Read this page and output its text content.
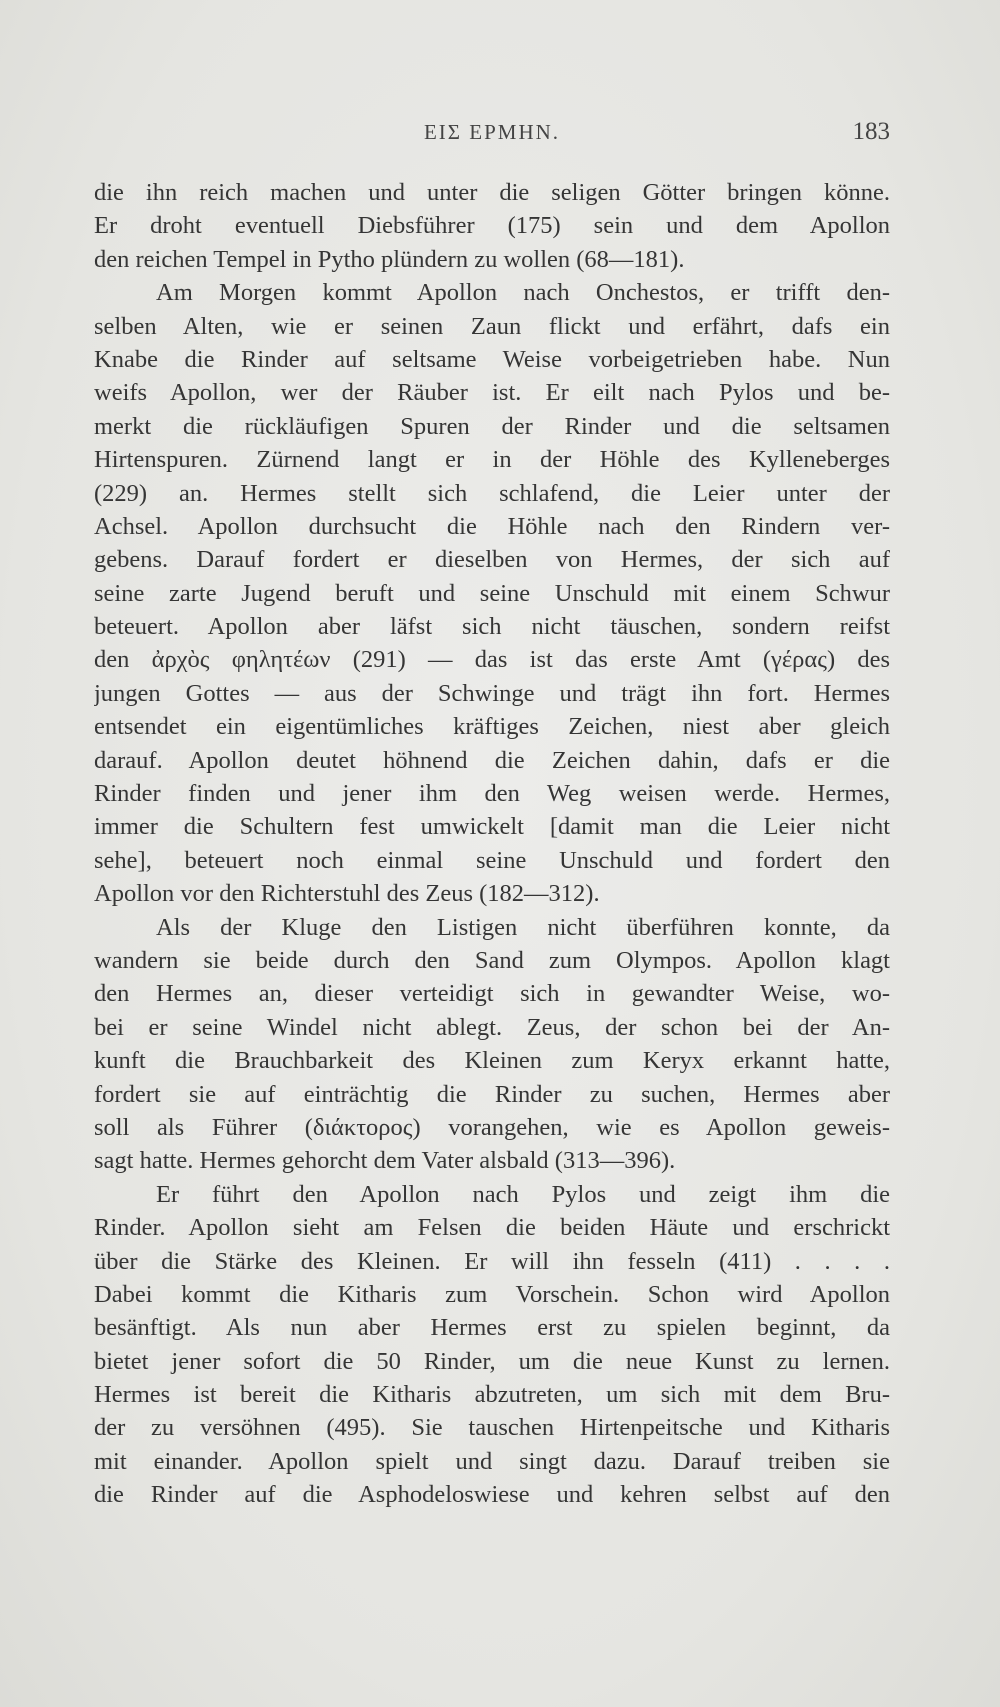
ΕΙΣ ΕΡΜΗΝ.	183
die ihn reich machen und unter die seligen Götter bringen könne.
Er droht eventuell Diebsführer (175) sein und dem Apollon
den reichen Tempel in Pytho plündern zu wollen (68—181).
Am Morgen kommt Apollon nach Onchestos, er trifft den-
selben Alten, wie er seinen Zaun flickt und erfährt, dafs ein
Knabe die Rinder auf seltsame Weise vorbeigetrieben habe. Nun
weifs Apollon, wer der Räuber ist. Er eilt nach Pylos und be-
merkt die rückläufigen Spuren der Rinder und die seltsamen
Hirtenspuren. Zürnend langt er in der Höhle des Kylleneberges
(229) an. Hermes stellt sich schlafend, die Leier unter der
Achsel. Apollon durchsucht die Höhle nach den Rindern ver-
gebens. Darauf fordert er dieselben von Hermes, der sich auf
seine zarte Jugend beruft und seine Unschuld mit einem Schwur
beteuert. Apollon aber läfst sich nicht täuschen, sondern reifst
den ἀρχὸς φηλητέων (291) — das ist das erste Amt (γέρας) des
jungen Gottes — aus der Schwinge und trägt ihn fort. Hermes
entsendet ein eigentümliches kräftiges Zeichen, niest aber gleich
darauf. Apollon deutet höhnend die Zeichen dahin, dafs er die
Rinder finden und jener ihm den Weg weisen werde. Hermes,
immer die Schultern fest umwickelt [damit man die Leier nicht
sehe], beteuert noch einmal seine Unschuld und fordert den
Apollon vor den Richterstuhl des Zeus (182—312).
Als der Kluge den Listigen nicht überführen konnte, da
wandern sie beide durch den Sand zum Olympos. Apollon klagt
den Hermes an, dieser verteidigt sich in gewandter Weise, wo-
bei er seine Windel nicht ablegt. Zeus, der schon bei der An-
kunft die Brauchbarkeit des Kleinen zum Keryx erkannt hatte,
fordert sie auf einträchtig die Rinder zu suchen, Hermes aber
soll als Führer (διάκτορος) vorangehen, wie es Apollon geweis-
sagt hatte. Hermes gehorcht dem Vater alsbald (313—396).
Er führt den Apollon nach Pylos und zeigt ihm die
Rinder. Apollon sieht am Felsen die beiden Häute und erschrickt
über die Stärke des Kleinen. Er will ihn fesseln (411) . . . .
Dabei kommt die Kitharis zum Vorschein. Schon wird Apollon
besänftigt. Als nun aber Hermes erst zu spielen beginnt, da
bietet jener sofort die 50 Rinder, um die neue Kunst zu lernen.
Hermes ist bereit die Kitharis abzutreten, um sich mit dem Bru-
der zu versöhnen (495). Sie tauschen Hirtenpeitsche und Kitharis
mit einander. Apollon spielt und singt dazu. Darauf treiben sie
die Rinder auf die Asphodeloswiese und kehren selbst auf den
